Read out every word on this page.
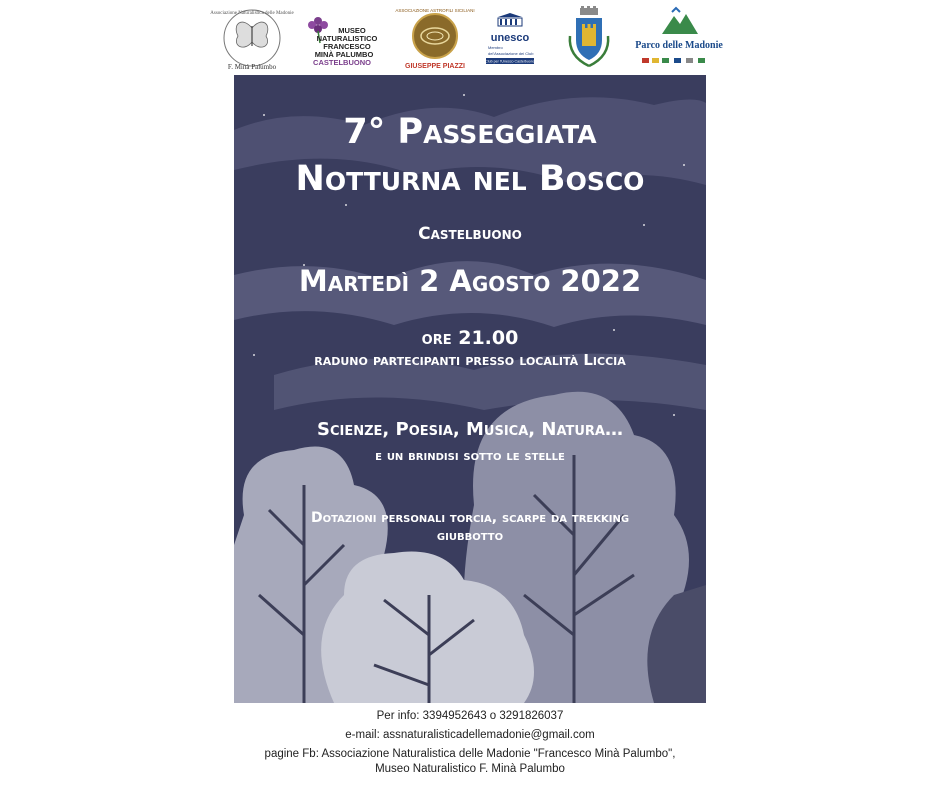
Associazione Naturalistica delle Madonie
F. Minà Palumbo
MUSEO
NATURALISTICO
FRANCESCO
MINÀ PALUMBO
CASTELBUONO
ASSOCIAZIONE ASTROFILI SICILIANI
GIUSEPPE PIAZZI
unesco
Membro
del'Associazione dei Club
Club per l'Unesco Castelbuono
Parco delle Madonie
7° Passeggiata
Notturna nel Bosco
Castelbuono
Martedì 2 Agosto 2022
ore 21.00
raduno partecipanti presso località Liccia
Scienze, Poesia, Musica, Natura…
e un brindisi sotto le stelle
Dotazioni personali torcia, scarpe da trekking
giubbotto
Per info: 3394952643 o 3291826037
e-mail: assnaturalisticadellemadonie@gmail.com
pagine Fb: Associazione Naturalistica delle Madonie "Francesco Minà Palumbo",
Museo Naturalistico F. Minà Palumbo
